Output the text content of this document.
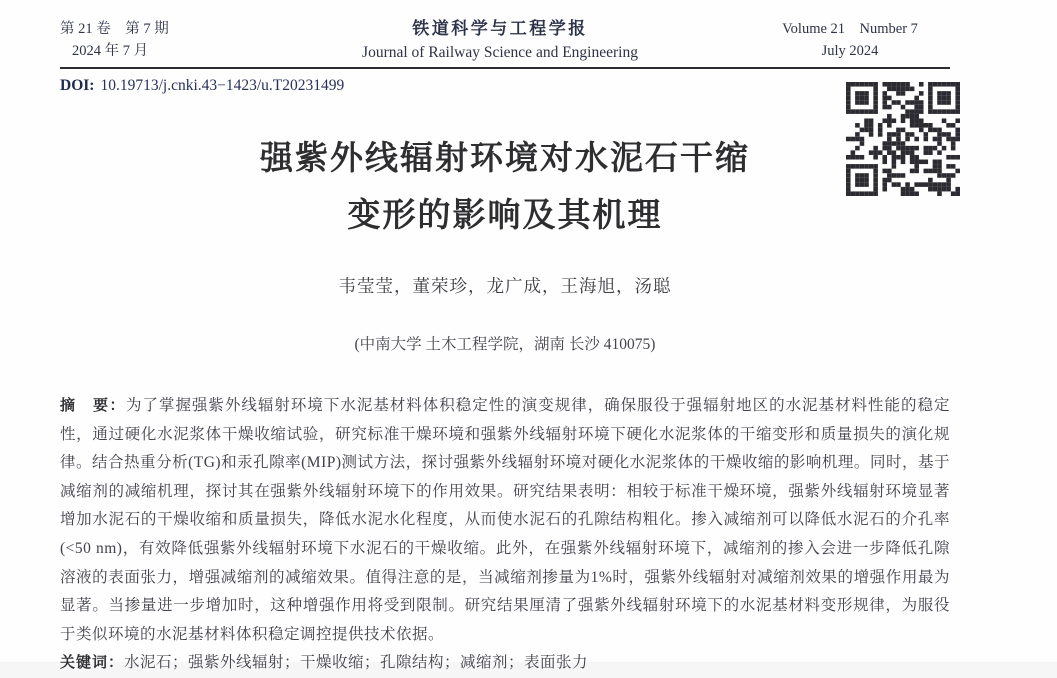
第 21 卷　第 7 期
2024 年 7 月
铁道科学与工程学报
Journal of Railway Science and Engineering
Volume 21　Number 7
July 2024
DOI: 10.19713/j.cnki.43−1423/u.T20231499
强紫外线辐射环境对水泥石干缩
变形的影响及其机理
韦莹莹，董荣珍，龙广成，王海旭，汤聪
(中南大学 土木工程学院，湖南 长沙 410075)

摘　要：为了掌握强紫外线辐射环境下水泥基材料体积稳定性的演变规律，确保服役于强辐射地区的水泥基材料性能的稳定性，通过硬化水泥浆体干燥收缩试验，研究标准干燥环境和强紫外线辐射环境下硬化水泥浆体的干缩变形和质量损失的演化规律。结合热重分析(TG)和汞孔隙率(MIP)测试方法，探讨强紫外线辐射环境对硬化水泥浆体的干燥收缩的影响机理。同时，基于减缩剂的减缩机理，探讨其在强紫外线辐射环境下的作用效果。研究结果表明：相较于标准干燥环境，强紫外线辐射环境显著增加水泥石的干燥收缩和质量损失，降低水泥水化程度，从而使水泥石的孔隙结构粗化。掺入减缩剂可以降低水泥石的介孔率(<50 nm)，有效降低强紫外线辐射环境下水泥石的干燥收缩。此外，在强紫外线辐射环境下，减缩剂的掺入会进一步降低孔隙溶液的表面张力，增强减缩剂的减缩效果。值得注意的是，当减缩剂掺量为1%时，强紫外线辐射对减缩剂效果的增强作用最为显著。当掺量进一步增加时，这种增强作用将受到限制。研究结果厘清了强紫外线辐射环境下的水泥基材料变形规律，为服役于类似环境的水泥基材料体积稳定调控提供技术依据。

关键词：水泥石；强紫外线辐射；干燥收缩；孔隙结构；减缩剂；表面张力
